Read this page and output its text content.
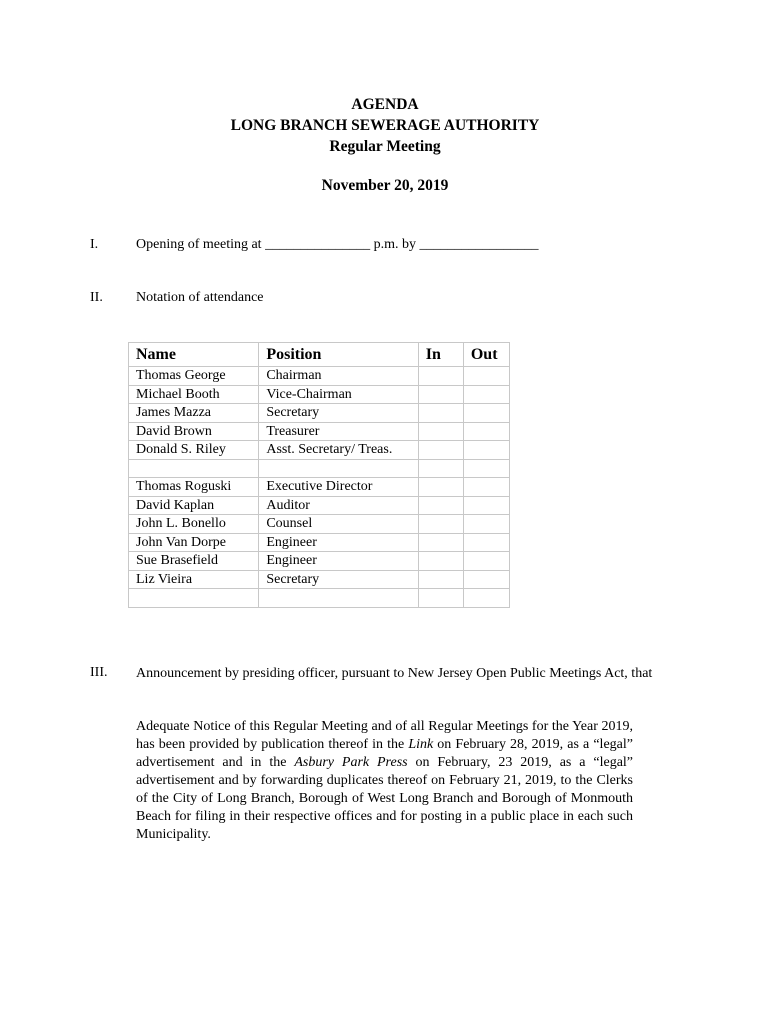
AGENDA
LONG BRANCH SEWERAGE AUTHORITY
Regular Meeting
November 20, 2019
I.	Opening of meeting at _______________ p.m. by _________________
II. Notation of attendance
Name	Position	In	Out
Thomas George	Chairman		
Michael Booth	Vice-Chairman		
James Mazza	Secretary		
David Brown	Treasurer		
Donald S. Riley	Asst. Secretary/ Treas.		

Thomas Roguski	Executive Director		
David Kaplan	Auditor		
John L. Bonello	Counsel		
John Van Dorpe	Engineer		
Sue Brasefield	Engineer		
Liz Vieira	Secretary		

III. Announcement by presiding officer, pursuant to New Jersey Open Public Meetings Act, that
Adequate Notice of this Regular Meeting and of all Regular Meetings for the Year 2019, has been provided by publication thereof in the Link on February 28, 2019, as a “legal” advertisement and in the Asbury Park Press on February, 23 2019, as a “legal” advertisement and by forwarding duplicates thereof on February 21, 2019, to the Clerks of the City of Long Branch, Borough of West Long Branch and Borough of Monmouth Beach for filing in their respective offices and for posting in a public place in each such Municipality.
